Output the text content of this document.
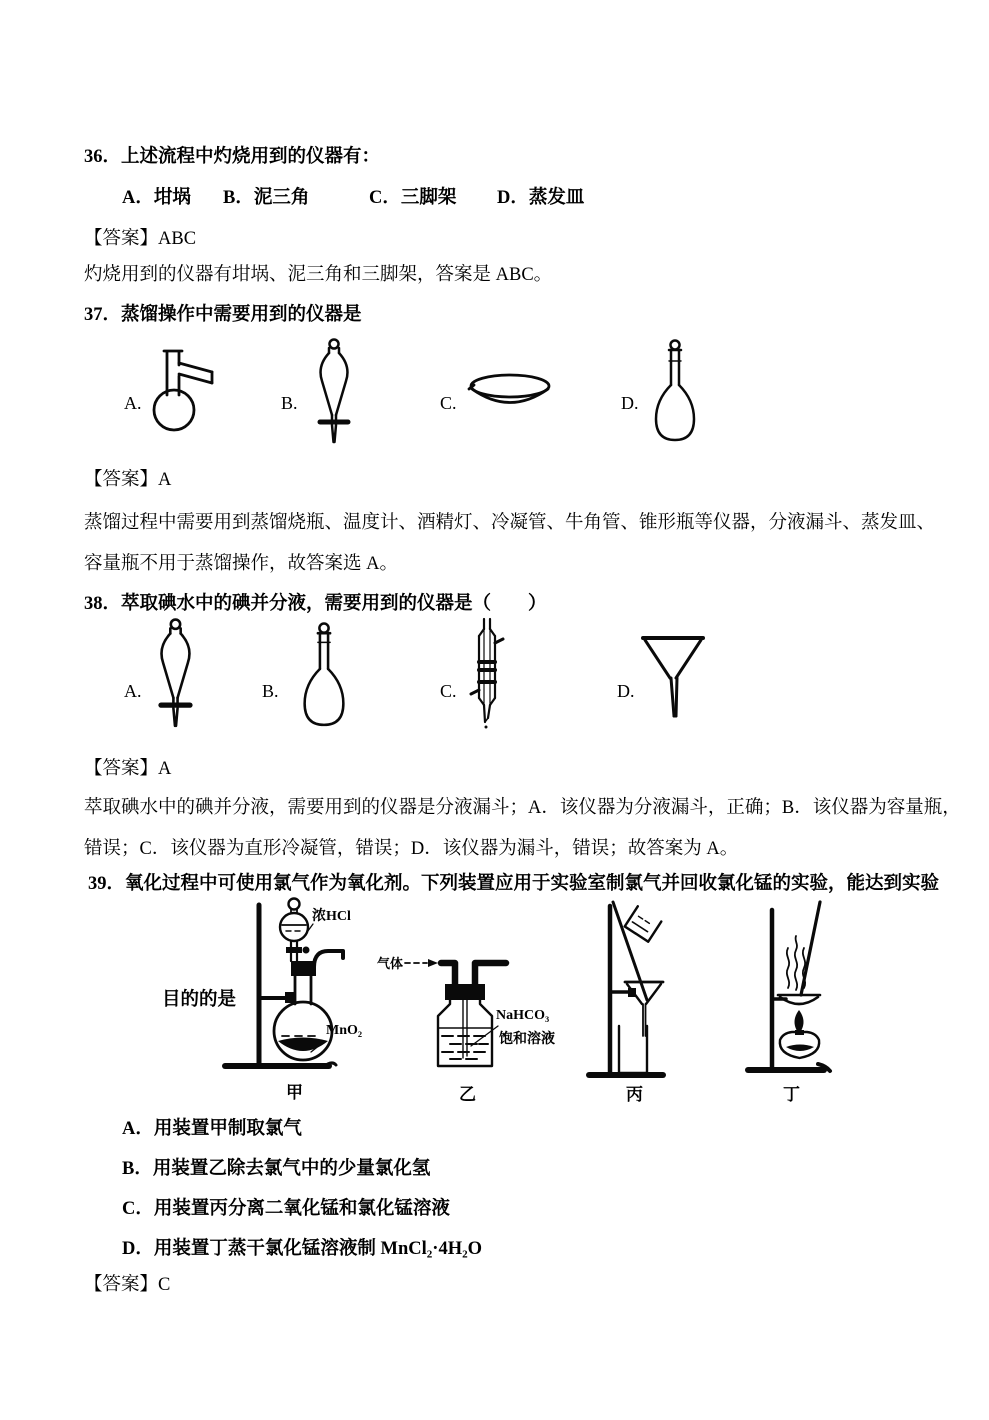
36．上述流程中灼烧用到的仪器有：
A．坩埚 B．泥三角	C．三脚架 D．蒸发皿
【答案】ABC
灼烧用到的仪器有坩埚、泥三角和三脚架，答案是 ABC。
37．蒸馏操作中需要用到的仪器是
A.	B.	C.	D.
【答案】A
蒸馏过程中需要用到蒸馏烧瓶、温度计、酒精灯、冷凝管、牛角管、锥形瓶等仪器，分液漏斗、蒸发皿、
容量瓶不用于蒸馏操作，故答案选 A。
38．萃取碘水中的碘并分液，需要用到的仪器是（　　）
A.	B.	C.	D.
【答案】A
萃取碘水中的碘并分液，需要用到的仪器是分液漏斗；A．该仪器为分液漏斗，正确；B．该仪器为容量瓶，
错误；C．该仪器为直形冷凝管，错误；D．该仪器为漏斗，错误；故答案为 A。
39．氧化过程中可使用氯气作为氧化剂。下列装置应用于实验室制氯气并回收氯化锰的实验，能达到实验
目的的是
浓HCl
MnO₂
气体
NaHCO₃
饱和溶液
甲	乙	丙	丁
A．用装置甲制取氯气
B．用装置乙除去氯气中的少量氯化氢
C．用装置丙分离二氧化锰和氯化锰溶液
D．用装置丁蒸干氯化锰溶液制 MnCl₂·4H₂O
【答案】C
